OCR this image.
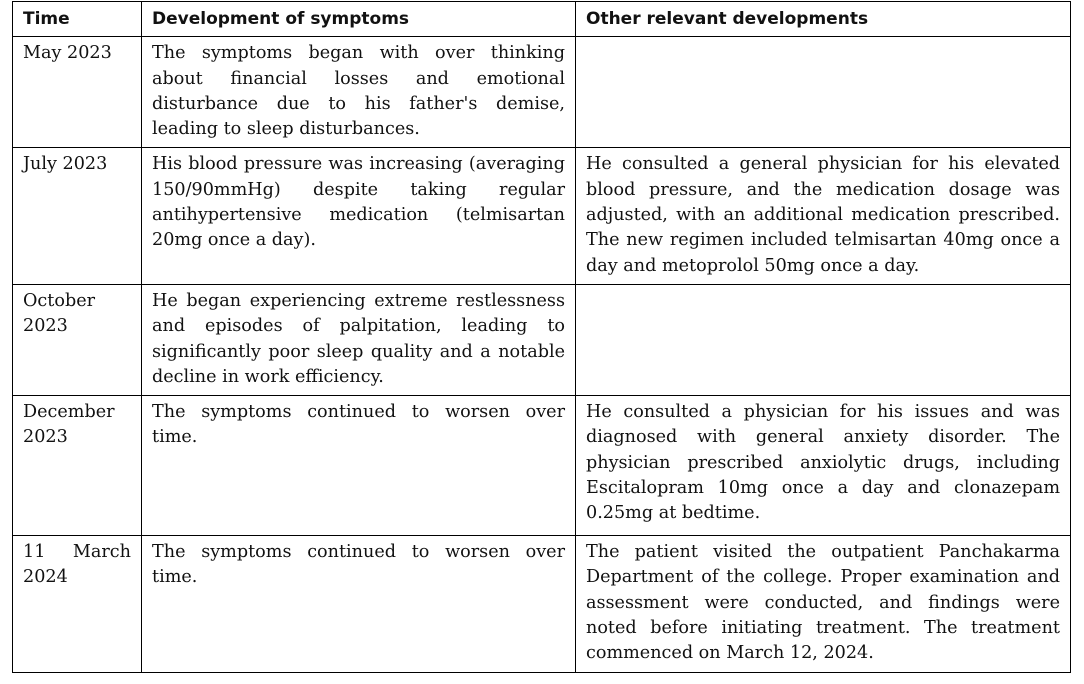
Time	Development of symptoms	Other relevant developments
May 2023	The symptoms began with over thinking about financial losses and emotional disturbance due to his father's demise, leading to sleep disturbances.	
July 2023	His blood pressure was increasing (averaging 150/90mmHg) despite taking regular antihypertensive medication (telmisartan 20mg once a day).	He consulted a general physician for his elevated blood pressure, and the medication dosage was adjusted, with an additional medication prescribed. The new regimen included telmisartan 40mg once a day and metoprolol 50mg once a day.
October 2023	He began experiencing extreme restlessness and episodes of palpitation, leading to significantly poor sleep quality and a notable decline in work efficiency.	
December 2023	The symptoms continued to worsen over time.	He consulted a physician for his issues and was diagnosed with general anxiety disorder. The physician prescribed anxiolytic drugs, including Escitalopram 10mg once a day and clonazepam 0.25mg at bedtime.
11 March 2024	The symptoms continued to worsen over time.	The patient visited the outpatient Panchakarma Department of the college. Proper examination and assessment were conducted, and findings were noted before initiating treatment. The treatment commenced on March 12, 2024.
